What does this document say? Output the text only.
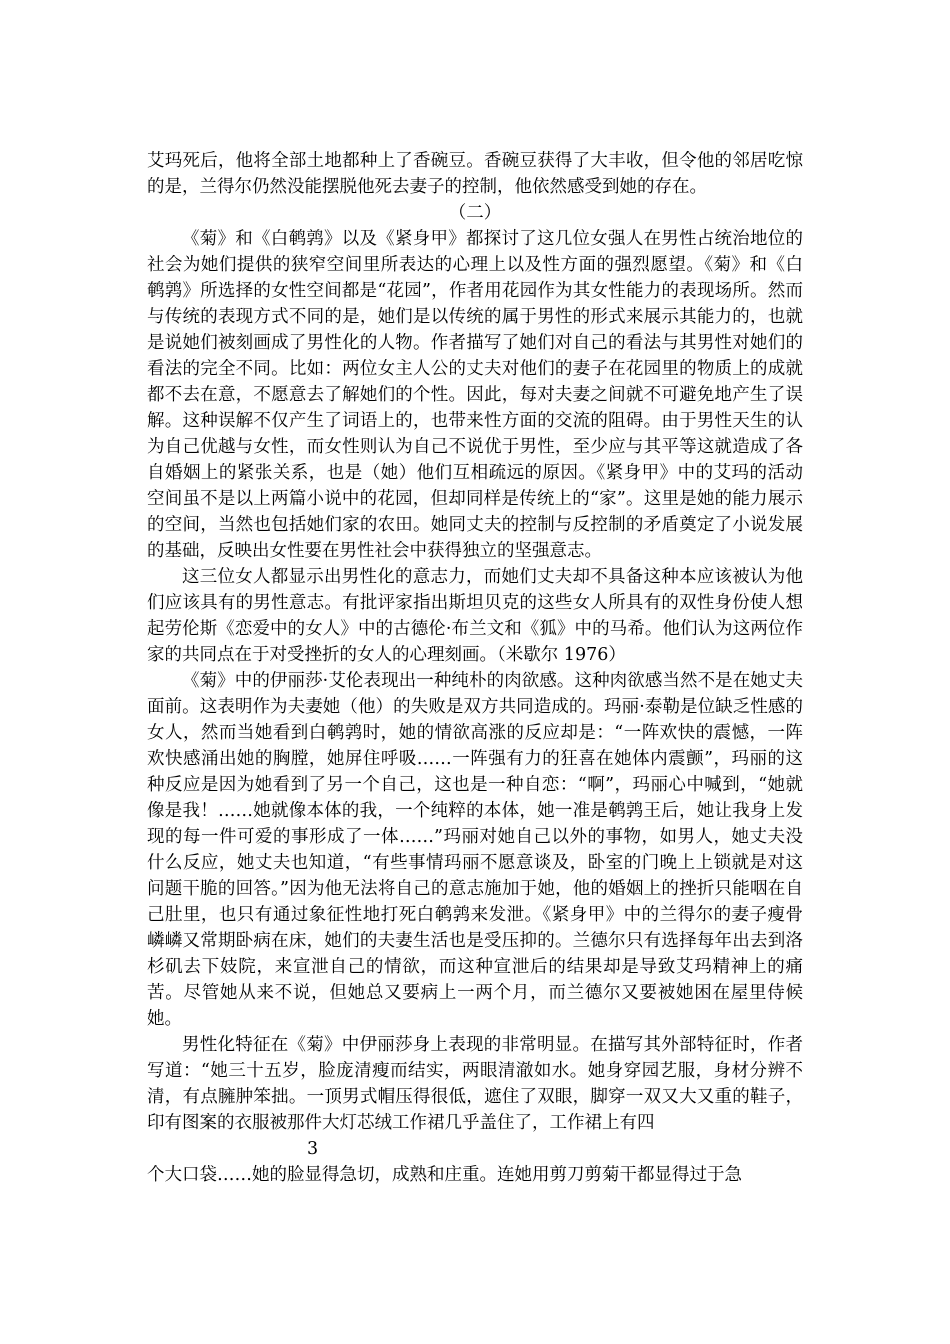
艾玛死后，他将全部土地都种上了香碗豆。香碗豆获得了大丰收，但令他的邻居吃惊的是，兰得尔仍然没能摆脱他死去妻子的控制，他依然感受到她的存在。

（二）

《菊》和《白鹌鹑》以及《紧身甲》都探讨了这几位女强人在男性占统治地位的社会为她们提供的狭窄空间里所表达的心理上以及性方面的强烈愿望。《菊》和《白鹌鹑》所选择的女性空间都是“花园”，作者用花园作为其女性能力的表现场所。然而与传统的表现方式不同的是，她们是以传统的属于男性的形式来展示其能力的，也就是说她们被刻画成了男性化的人物。作者描写了她们对自己的看法与其男性对她们的看法的完全不同。比如：两位女主人公的丈夫对他们的妻子在花园里的物质上的成就都不去在意，不愿意去了解她们的个性。因此，每对夫妻之间就不可避免地产生了误解。这种误解不仅产生了词语上的，也带来性方面的交流的阻碍。由于男性天生的认为自己优越与女性，而女性则认为自己不说优于男性，至少应与其平等这就造成了各自婚姻上的紧张关系，也是（她）他们互相疏远的原因。《紧身甲》中的艾玛的活动空间虽不是以上两篇小说中的花园，但却同样是传统上的“家”。这里是她的能力展示的空间，当然也包括她们家的农田。她同丈夫的控制与反控制的矛盾奠定了小说发展的基础，反映出女性要在男性社会中获得独立的坚强意志。

这三位女人都显示出男性化的意志力，而她们丈夫却不具备这种本应该被认为他们应该具有的男性意志。有批评家指出斯坦贝克的这些女人所具有的双性身份使人想起劳伦斯《恋爱中的女人》中的古德伦·布兰文和《狐》中的马希。他们认为这两位作家的共同点在于对受挫折的女人的心理刻画。（米歇尔 1976）

《菊》中的伊丽莎·艾伦表现出一种纯朴的肉欲感。这种肉欲感当然不是在她丈夫面前。这表明作为夫妻她（他）的失败是双方共同造成的。玛丽·泰勒是位缺乏性感的女人，然而当她看到白鹌鹑时，她的情欲高涨的反应却是：“一阵欢快的震憾，一阵欢快感涌出她的胸膛，她屏住呼吸……一阵强有力的狂喜在她体内震颤”，玛丽的这种反应是因为她看到了另一个自己，这也是一种自恋：“啊”，玛丽心中喊到，“她就像是我！……她就像本体的我，一个纯粹的本体，她一准是鹌鹑王后，她让我身上发现的每一件可爱的事形成了一体……”玛丽对她自己以外的事物，如男人，她丈夫没什么反应，她丈夫也知道，“有些事情玛丽不愿意谈及，卧室的门晚上上锁就是对这问题干脆的回答。”因为他无法将自己的意志施加于她，他的婚姻上的挫折只能咽在自己肚里，也只有通过象征性地打死白鹌鹑来发泄。《紧身甲》中的兰得尔的妻子瘦骨嶙嶙又常期卧病在床，她们的夫妻生活也是受压抑的。兰德尔只有选择每年出去到洛杉矶去下妓院，来宣泄自己的情欲，而这种宣泄后的结果却是导致艾玛精神上的痛苦。尽管她从来不说，但她总又要病上一两个月，而兰德尔又要被她困在屋里侍候她。

男性化特征在《菊》中伊丽莎身上表现的非常明显。在描写其外部特征时，作者写道：“她三十五岁，脸庞清瘦而结实，两眼清澈如水。她身穿园艺服，身材分辨不清，有点臃肿笨拙。一顶男式帽压得很低，遮住了双眼，脚穿一双又大又重的鞋子，印有图案的衣服被那件大灯芯绒工作裙几乎盖住了，工作裙上有四

3

个大口袋……她的脸显得急切，成熟和庄重。连她用剪刀剪菊干都显得过于急
